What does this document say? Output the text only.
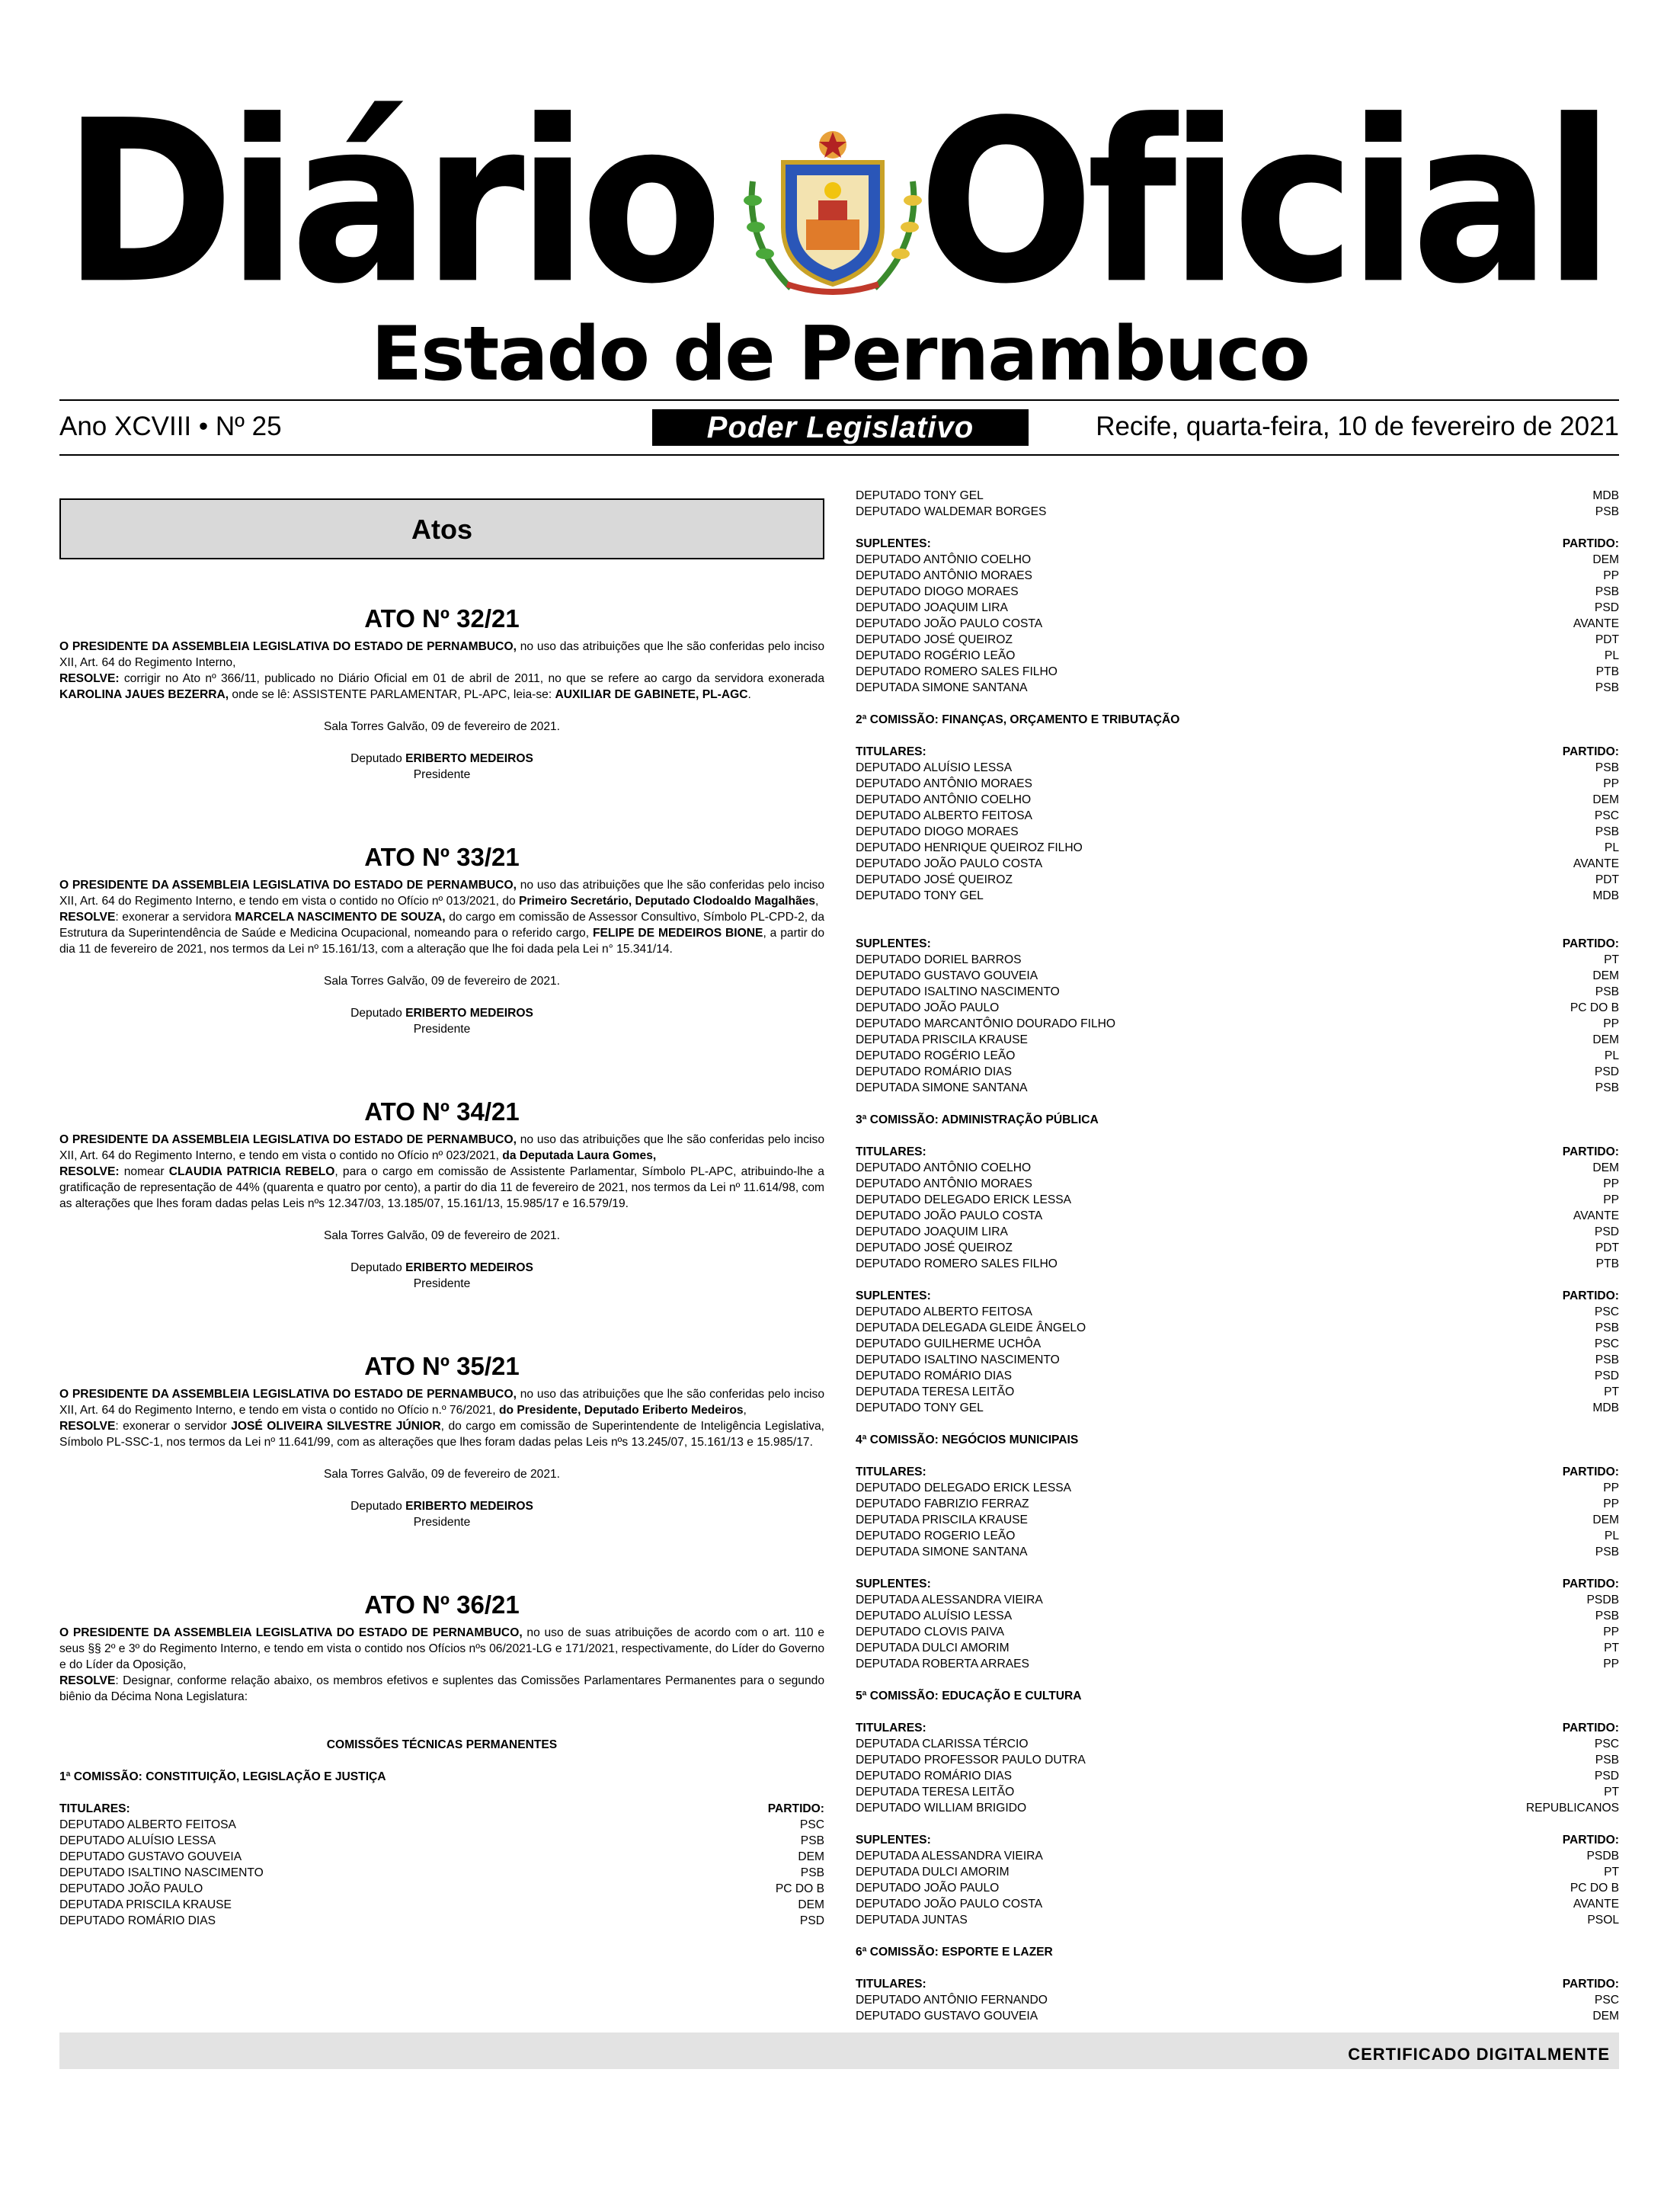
Diário Oficial
Estado de Pernambuco
Ano XCVIII • Nº 25	Poder Legislativo	Recife, quarta-feira, 10 de fevereiro de 2021
Atos
ATO Nº 32/21

O PRESIDENTE DA ASSEMBLEIA LEGISLATIVA DO ESTADO DE PERNAMBUCO, no uso das atribuições que lhe são conferidas pelo inciso XII, Art. 64 do Regimento Interno,

RESOLVE: corrigir no Ato nº 366/11, publicado no Diário Oficial em 01 de abril de 2011, no que se refere ao cargo da servidora exonerada KAROLINA JAUES BEZERRA, onde se lê: ASSISTENTE PARLAMENTAR, PL-APC, leia-se: AUXILIAR DE GABINETE, PL-AGC.

Sala Torres Galvão, 09 de fevereiro de 2021.

Deputado ERIBERTO MEDEIROS

Presidente

ATO Nº 33/21

O PRESIDENTE DA ASSEMBLEIA LEGISLATIVA DO ESTADO DE PERNAMBUCO, no uso das atribuições que lhe são conferidas pelo inciso XII, Art. 64 do Regimento Interno, e tendo em vista o contido no Ofício nº 013/2021, do Primeiro Secretário, Deputado Clodoaldo Magalhães,

RESOLVE: exonerar a servidora MARCELA NASCIMENTO DE SOUZA, do cargo em comissão de Assessor Consultivo, Símbolo PL-CPD-2, da Estrutura da Superintendência de Saúde e Medicina Ocupacional, nomeando para o referido cargo, FELIPE DE MEDEIROS BIONE, a partir do dia 11 de fevereiro de 2021, nos termos da Lei nº 15.161/13, com a alteração que lhe foi dada pela Lei n° 15.341/14.

Sala Torres Galvão, 09 de fevereiro de 2021.

Deputado ERIBERTO MEDEIROS

Presidente

ATO Nº 34/21

O PRESIDENTE DA ASSEMBLEIA LEGISLATIVA DO ESTADO DE PERNAMBUCO, no uso das atribuições que lhe são conferidas pelo inciso XII, Art. 64 do Regimento Interno, e tendo em vista o contido no Ofício nº 023/2021, da Deputada Laura Gomes,

RESOLVE: nomear CLAUDIA PATRICIA REBELO, para o cargo em comissão de Assistente Parlamentar, Símbolo PL-APC, atribuindo-lhe a gratificação de representação de 44% (quarenta e quatro por cento), a partir do dia 11 de fevereiro de 2021, nos termos da Lei nº 11.614/98, com as alterações que lhes foram dadas pelas Leis nºs 12.347/03, 13.185/07, 15.161/13, 15.985/17 e 16.579/19.

Sala Torres Galvão, 09 de fevereiro de 2021.

Deputado ERIBERTO MEDEIROS

Presidente

ATO Nº 35/21

O PRESIDENTE DA ASSEMBLEIA LEGISLATIVA DO ESTADO DE PERNAMBUCO, no uso das atribuições que lhe são conferidas pelo inciso XII, Art. 64 do Regimento Interno, e tendo em vista o contido no Ofício n.º 76/2021, do Presidente, Deputado Eriberto Medeiros,

RESOLVE: exonerar o servidor JOSÉ OLIVEIRA SILVESTRE JÚNIOR, do cargo em comissão de Superintendente de Inteligência Legislativa, Símbolo PL-SSC-1, nos termos da Lei nº 11.641/99, com as alterações que lhes foram dadas pelas Leis nºs 13.245/07, 15.161/13 e 15.985/17.

Sala Torres Galvão, 09 de fevereiro de 2021.

Deputado ERIBERTO MEDEIROS

Presidente

ATO Nº 36/21

O PRESIDENTE DA ASSEMBLEIA LEGISLATIVA DO ESTADO DE PERNAMBUCO, no uso de suas atribuições de acordo com o art. 110 e seus §§ 2º e 3º do Regimento Interno, e tendo em vista o contido nos Ofícios nºs 06/2021-LG e 171/2021, respectivamente, do Líder do Governo e do Líder da Oposição,

RESOLVE: Designar, conforme relação abaixo, os membros efetivos e suplentes das Comissões Parlamentares Permanentes para o segundo biênio da Décima Nona Legislatura:

COMISSÕES TÉCNICAS PERMANENTES

1ª COMISSÃO: CONSTITUIÇÃO, LEGISLAÇÃO E JUSTIÇA

TITULARES:	PARTIDO:
DEPUTADO ALBERTO FEITOSA	PSC
DEPUTADO ALUÍSIO LESSA	PSB
DEPUTADO GUSTAVO GOUVEIA	DEM
DEPUTADO ISALTINO NASCIMENTO	PSB
DEPUTADO JOÃO PAULO	PC DO B
DEPUTADA PRISCILA KRAUSE	DEM
DEPUTADO ROMÁRIO DIAS	PSD
DEPUTADO TONY GEL	MDB
DEPUTADO WALDEMAR BORGES	PSB
SUPLENTES:	PARTIDO:
DEPUTADO ANTÔNIO COELHO	DEM
DEPUTADO ANTÔNIO MORAES	PP
DEPUTADO DIOGO MORAES	PSB
DEPUTADO JOAQUIM LIRA	PSD
DEPUTADO JOÃO PAULO COSTA	AVANTE
DEPUTADO JOSÉ QUEIROZ	PDT
DEPUTADO ROGÉRIO LEÃO	PL
DEPUTADO ROMERO SALES FILHO	PTB
DEPUTADA SIMONE SANTANA	PSB

2ª COMISSÃO: FINANÇAS, ORÇAMENTO E TRIBUTAÇÃO

TITULARES:	PARTIDO:
DEPUTADO ALUÍSIO LESSA	PSB
DEPUTADO ANTÔNIO MORAES	PP
DEPUTADO ANTÔNIO COELHO	DEM
DEPUTADO ALBERTO FEITOSA	PSC
DEPUTADO DIOGO MORAES	PSB
DEPUTADO HENRIQUE QUEIROZ FILHO	PL
DEPUTADO JOÃO PAULO COSTA	AVANTE
DEPUTADO JOSÉ QUEIROZ	PDT
DEPUTADO TONY GEL	MDB
SUPLENTES:	PARTIDO:
DEPUTADO DORIEL BARROS	PT
DEPUTADO GUSTAVO GOUVEIA	DEM
DEPUTADO ISALTINO NASCIMENTO	PSB
DEPUTADO JOÃO PAULO	PC DO B
DEPUTADO MARCANTÔNIO DOURADO FILHO	PP
DEPUTADA PRISCILA KRAUSE	DEM
DEPUTADO ROGÉRIO LEÃO	PL
DEPUTADO ROMÁRIO DIAS	PSD
DEPUTADA SIMONE SANTANA	PSB

3ª COMISSÃO: ADMINISTRAÇÃO PÚBLICA

TITULARES:	PARTIDO:
DEPUTADO ANTÔNIO COELHO	DEM
DEPUTADO ANTÔNIO MORAES	PP
DEPUTADO DELEGADO ERICK LESSA	PP
DEPUTADO JOÃO PAULO COSTA	AVANTE
DEPUTADO JOAQUIM LIRA	PSD
DEPUTADO JOSÉ QUEIROZ	PDT
DEPUTADO ROMERO SALES FILHO	PTB
SUPLENTES:	PARTIDO:
DEPUTADO ALBERTO FEITOSA	PSC
DEPUTADA DELEGADA GLEIDE ÂNGELO	PSB
DEPUTADO GUILHERME UCHÔA	PSC
DEPUTADO ISALTINO NASCIMENTO	PSB
DEPUTADO ROMÁRIO DIAS	PSD
DEPUTADA TERESA LEITÃO	PT
DEPUTADO TONY GEL	MDB

4ª COMISSÃO: NEGÓCIOS MUNICIPAIS

TITULARES:	PARTIDO:
DEPUTADO DELEGADO ERICK LESSA	PP
DEPUTADO FABRIZIO FERRAZ	PP
DEPUTADA PRISCILA KRAUSE	DEM
DEPUTADO ROGERIO LEÃO	PL
DEPUTADA SIMONE SANTANA	PSB
SUPLENTES:	PARTIDO:
DEPUTADA ALESSANDRA VIEIRA	PSDB
DEPUTADO ALUÍSIO LESSA	PSB
DEPUTADO CLOVIS PAIVA	PP
DEPUTADA DULCI AMORIM	PT
DEPUTADA ROBERTA ARRAES	PP

5ª COMISSÃO: EDUCAÇÃO E CULTURA

TITULARES:	PARTIDO:
DEPUTADA CLARISSA TÉRCIO	PSC
DEPUTADO PROFESSOR PAULO DUTRA	PSB
DEPUTADO ROMÁRIO DIAS	PSD
DEPUTADA TERESA LEITÃO	PT
DEPUTADO WILLIAM BRIGIDO	REPUBLICANOS
SUPLENTES:	PARTIDO:
DEPUTADA ALESSANDRA VIEIRA	PSDB
DEPUTADA DULCI AMORIM	PT
DEPUTADO JOÃO PAULO	PC DO B
DEPUTADO JOÃO PAULO COSTA	AVANTE
DEPUTADA JUNTAS	PSOL

6ª COMISSÃO: ESPORTE E LAZER

TITULARES:	PARTIDO:
DEPUTADO ANTÔNIO FERNANDO	PSC
DEPUTADO GUSTAVO GOUVEIA	DEM
CERTIFICADO DIGITALMENTE
